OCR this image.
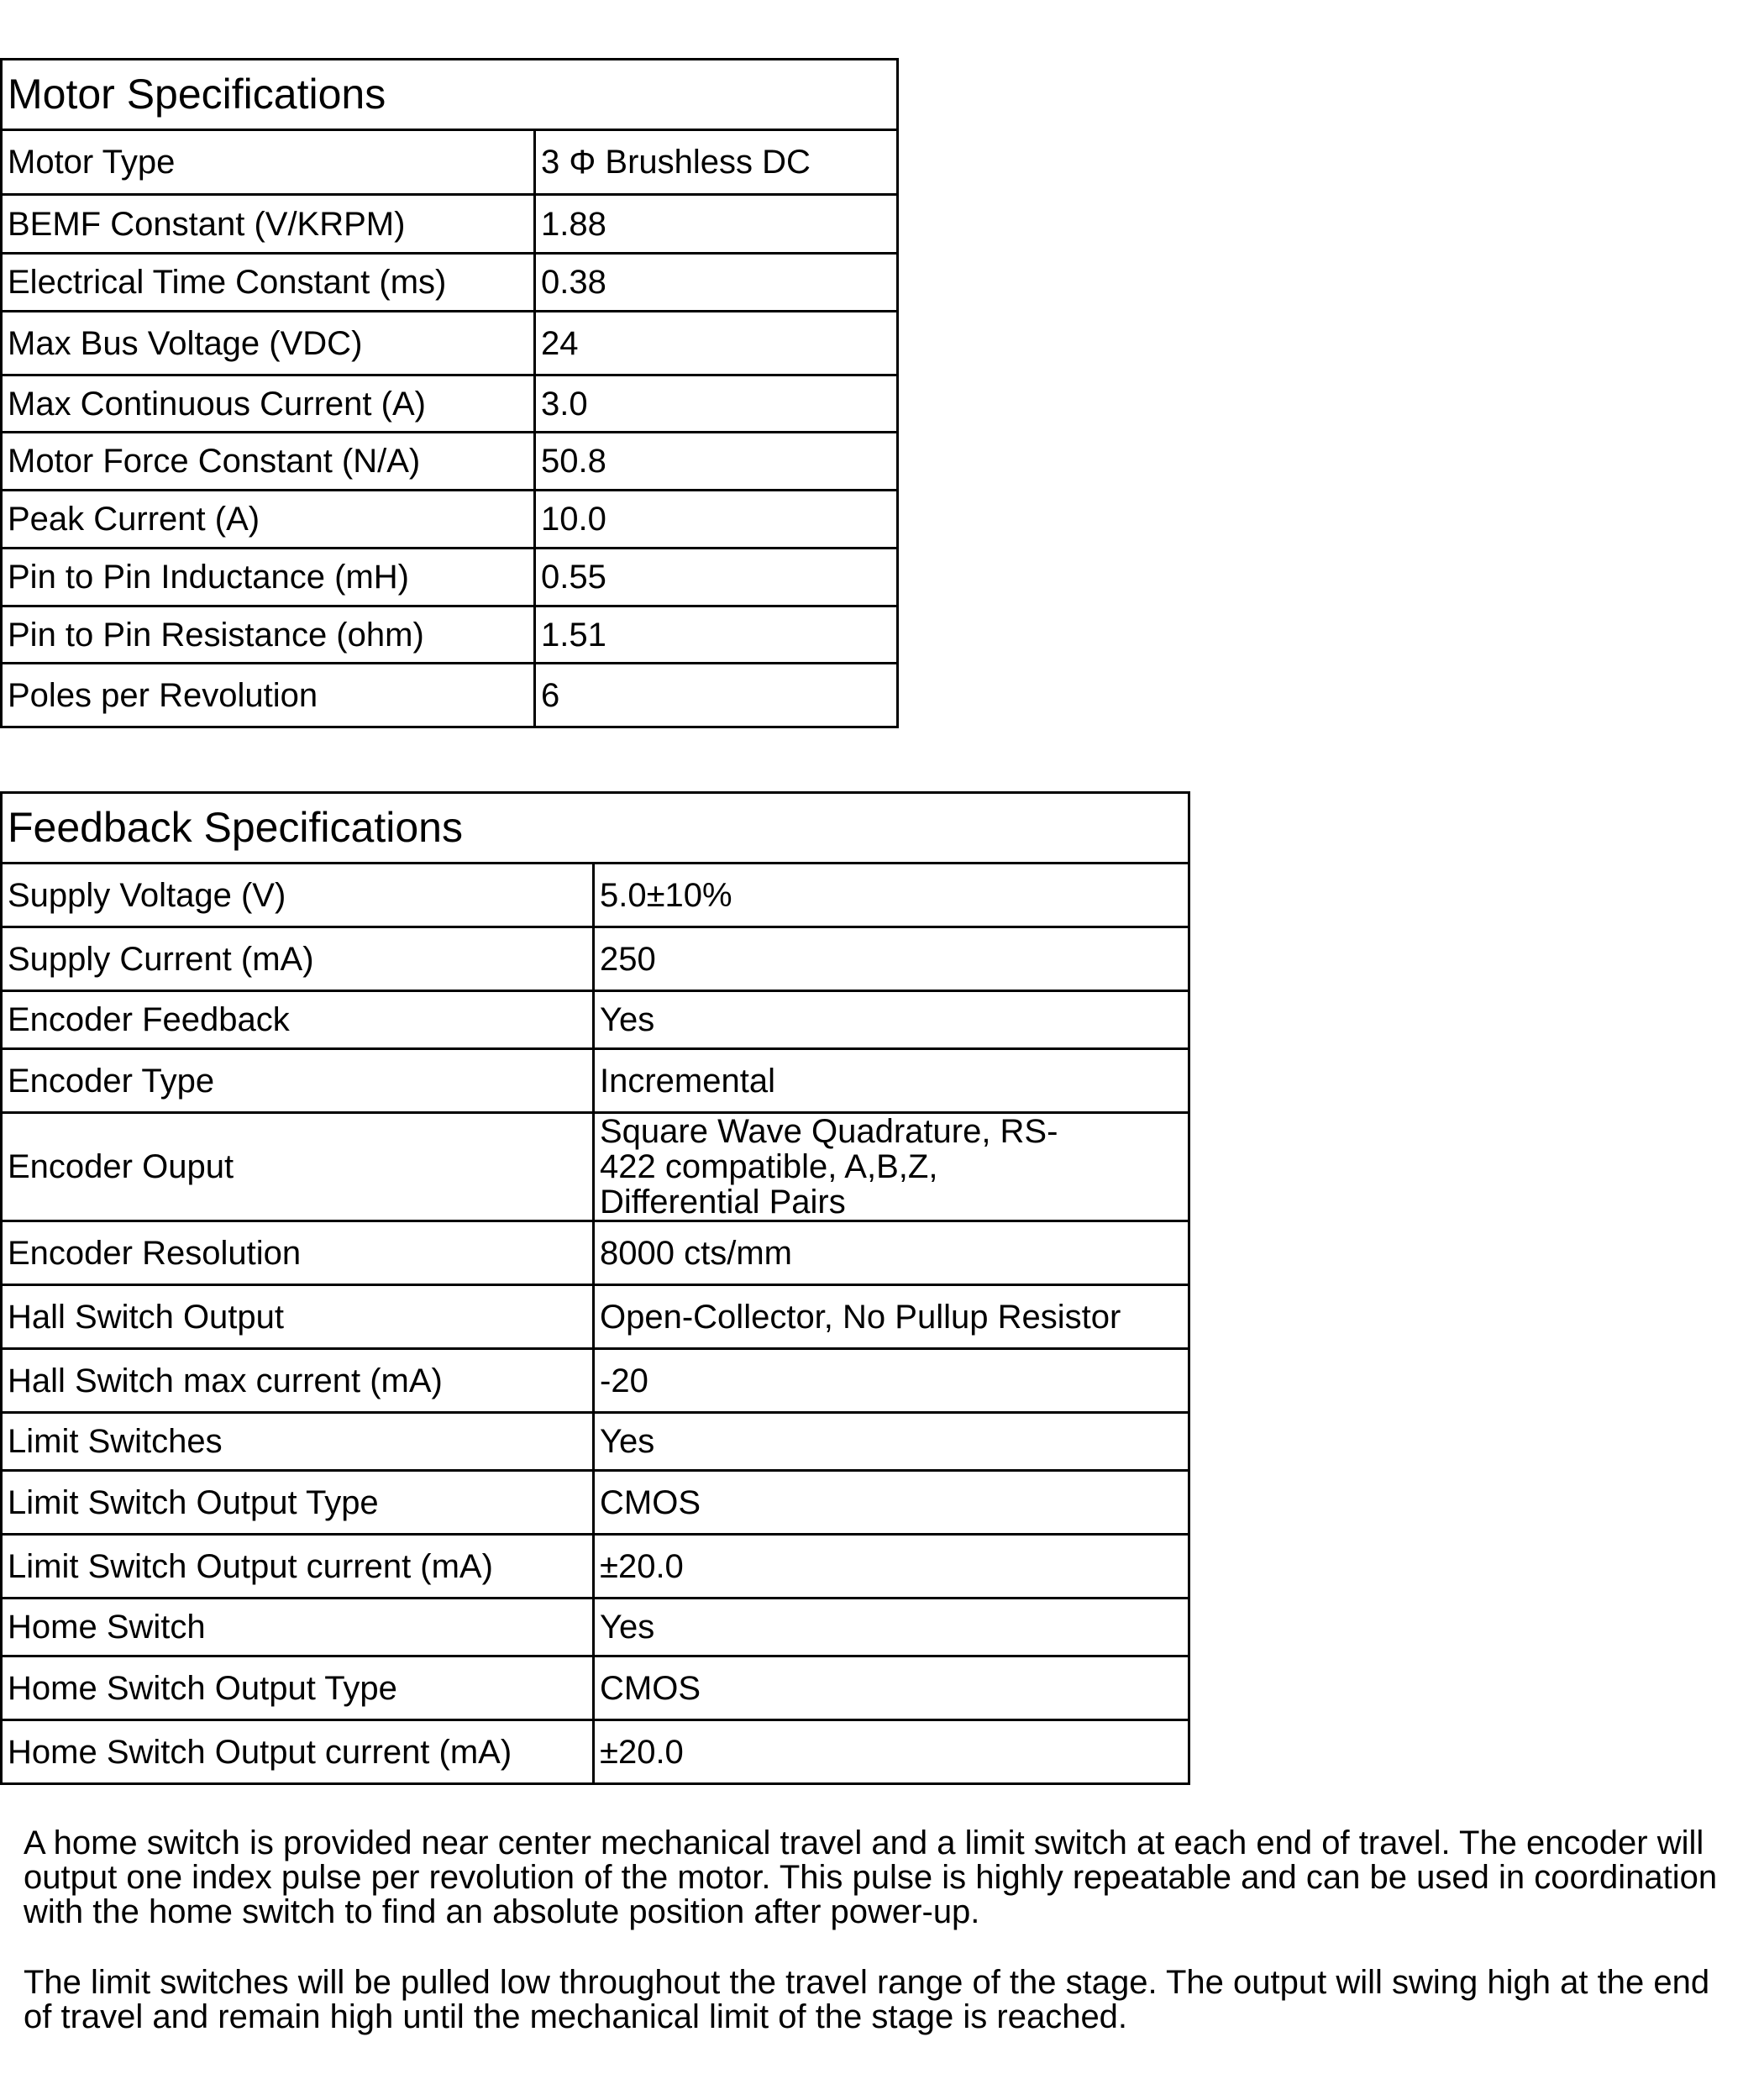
Motor Specifications	
Motor Type	3 Φ Brushless DC
BEMF Constant (V/KRPM)	1.88
Electrical Time Constant (ms)	0.38
Max Bus Voltage (VDC)	24
Max Continuous Current (A)	3.0
Motor Force Constant (N/A)	50.8
Peak Current (A)	10.0
Pin to Pin Inductance (mH)	0.55
Pin to Pin Resistance (ohm)	1.51
Poles per Revolution	6
Feedback Specifications	
Supply Voltage (V)	5.0±10%
Supply Current (mA)	250
Encoder Feedback	Yes
Encoder Type	Incremental
Encoder Ouput	Square Wave Quadrature, RS-422 compatible, A,B,Z, Differential Pairs
Encoder Resolution	8000 cts/mm
Hall Switch Output	Open-Collector, No Pullup Resistor
Hall Switch max current (mA)	-20
Limit Switches	Yes
Limit Switch Output Type	CMOS
Limit Switch Output current (mA)	±20.0
Home Switch	Yes
Home Switch Output Type	CMOS
Home Switch Output current (mA)	±20.0

A home switch is provided near center mechanical travel and a limit switch at each end of travel. The encoder will output one index pulse per revolution of the motor. This pulse is highly repeatable and can be used in coordination with the home switch to find an absolute position after power-up.

The limit switches will be pulled low throughout the travel range of the stage. The output will swing high at the end of travel and remain high until the mechanical limit of the stage is reached.
